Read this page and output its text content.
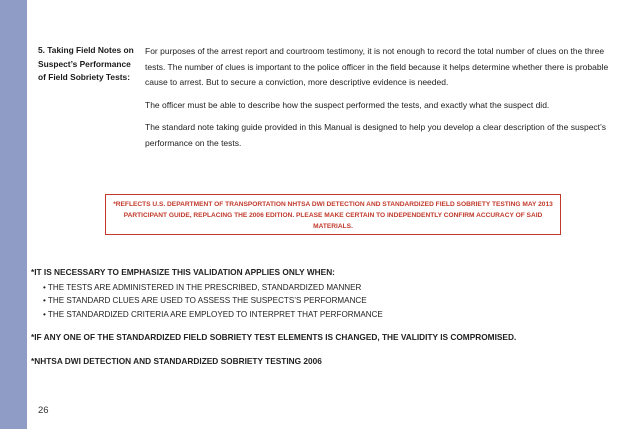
5. Taking Field Notes on Suspect’s Performance of Field Sobriety Tests:

For purposes of the arrest report and courtroom testimony, it is not enough to record the total number of clues on the three tests. The number of clues is important to the police officer in the field because it helps determine whether there is probable cause to arrest. But to secure a conviction, more descriptive evidence is needed.

The officer must be able to describe how the suspect performed the tests, and exactly what the suspect did.

The standard note taking guide provided in this Manual is designed to help you develop a clear description of the suspect’s performance on the tests.

*REFLECTS U.S. DEPARTMENT OF TRANSPORTATION NHTSA DWI DETECTION AND STANDARDIZED FIELD SOBRIETY TESTING MAY 2013 PARTICIPANT GUIDE, REPLACING THE 2006 EDITION. PLEASE MAKE CERTAIN TO INDEPENDENTLY CONFIRM ACCURACY OF SAID MATERIALS.
*IT IS NECESSARY TO EMPHASIZE THIS VALIDATION APPLIES ONLY WHEN:
• THE TESTS ARE ADMINISTERED IN THE PRESCRIBED, STANDARDIZED MANNER
• THE STANDARD CLUES ARE USED TO ASSESS THE SUSPECTS’S PERFORMANCE
• THE STANDARDIZED CRITERIA ARE EMPLOYED TO INTERPRET THAT PERFORMANCE
*IF ANY ONE OF THE STANDARDIZED FIELD SOBRIETY TEST ELEMENTS IS CHANGED, THE VALIDITY IS COMPROMISED.
*NHTSA DWI DETECTION AND STANDARDIZED SOBRIETY TESTING 2006
26
